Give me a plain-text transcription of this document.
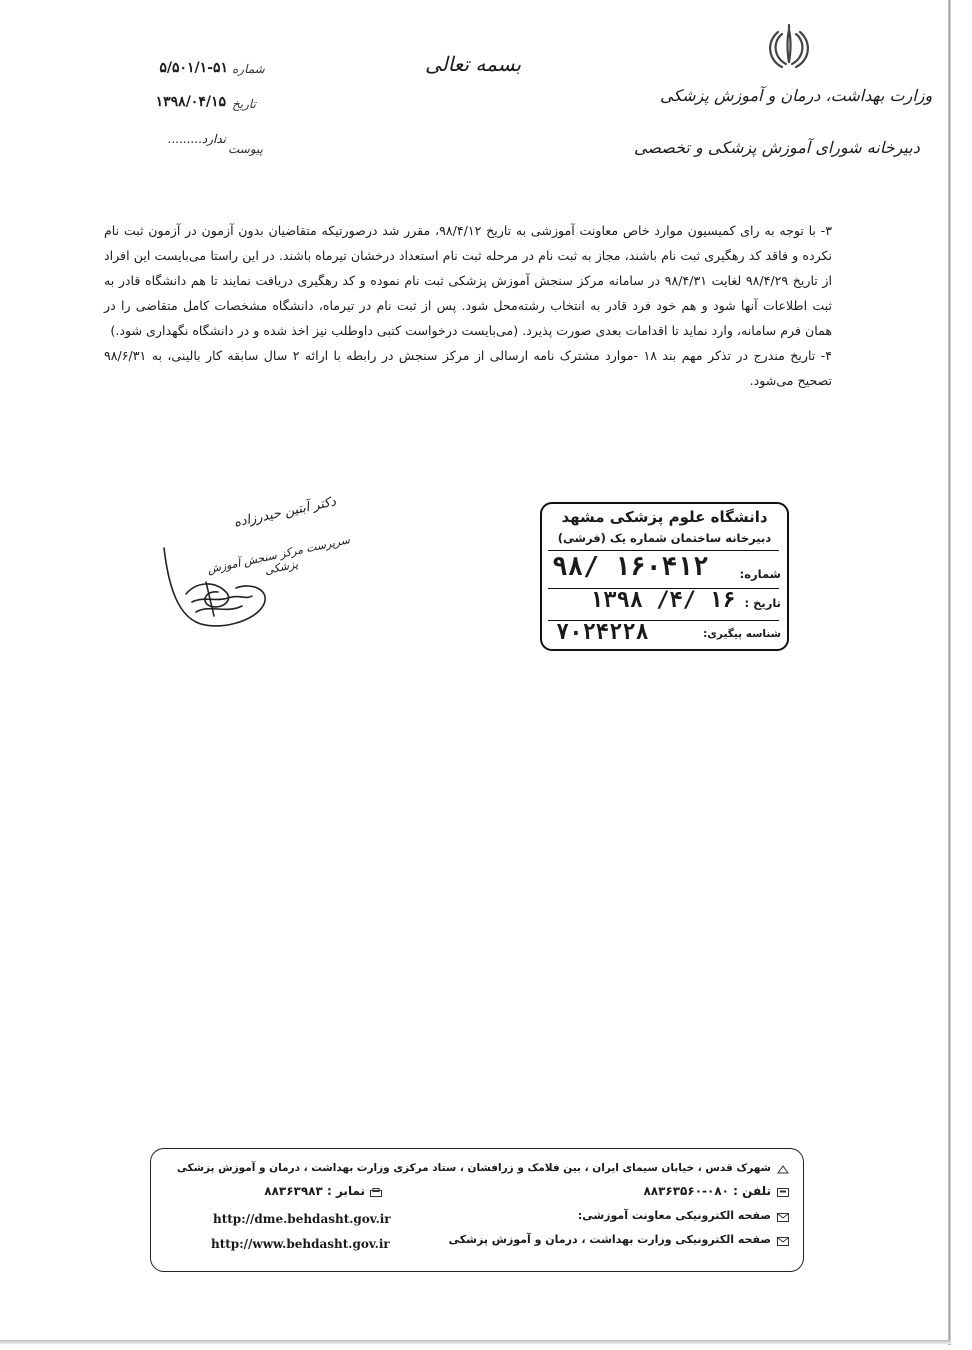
وزارت بهداشت، درمان و آموزش پزشکی
دبیرخانه شورای آموزش پزشکی و تخصصی
بسمه تعالی
شماره
۵/۵۰۱/۱-۵۱
تاریخ
۱۳۹۸/۰۴/۱۵
پیوست
ندارد.........

۳- با توجه به رای کمیسیون موارد خاص معاونت آموزشی به تاریخ ۹۸/۴/۱۲، مقرر شد درصورتیکه متقاضیان بدون آزمون در آزمون ثبت نام نکرده و فاقد کد رهگیری ثبت نام باشند، مجاز به ثبت نام در مرحله ثبت نام استعداد درخشان تیرماه باشند. در این راستا می‌بایست این افراد از تاریخ ۹۸/۴/۲۹ لغایت ۹۸/۴/۳۱ در سامانه مرکز سنجش آموزش پزشکی ثبت نام نموده و کد رهگیری دریافت نمایند تا هم دانشگاه قادر به ثبت اطلاعات آنها شود و هم خود فرد قادر به انتخاب رشته‌محل شود. پس از ثبت نام در تیرماه، دانشگاه مشخصات کامل متقاضی را در همان فرم سامانه، وارد نماید تا اقدامات بعدی صورت پذیرد. (می‌بایست درخواست کتبی داوطلب نیز اخذ شده و در دانشگاه نگهداری شود.)

۴- تاریخ مندرج در تذکر مهم بند ۱۸ -موارد مشترک نامه ارسالی از مرکز سنجش در رابطه با ارائه ۲ سال سابقه کار بالینی، به ۹۸/۶/۳۱ تصحیح می‌شود.

دکتر آبتین حیدرزاده
سرپرست مرکز سنجش آموزش پزشکی
دانشگاه علوم پزشکی مشهد
دبیرخانه ساختمان شماره یک (فرشی)
شماره:
۹۸/ ۱۶۰۴۱۲
تاریخ :
۱۳۹۸ /۴/ ۱۶
شناسه پیگیری:
۷۰۲۴۲۲۸
شهرک قدس ، خیابان سیمای ایران ، بین فلامک و زرافشان ، ستاد مرکزی وزارت بهداشت ، درمان و آموزش پزشکی
تلفن : ۰۸۰-۸۸۳۶۳۵۶۰
نمابر : ۸۸۳۶۳۹۸۳
صفحه الکترونیکی معاونت آموزشی:
http://dme.behdasht.gov.ir
صفحه الکترونیکی وزارت بهداشت ، درمان و آموزش پزشکی
http://www.behdasht.gov.ir
